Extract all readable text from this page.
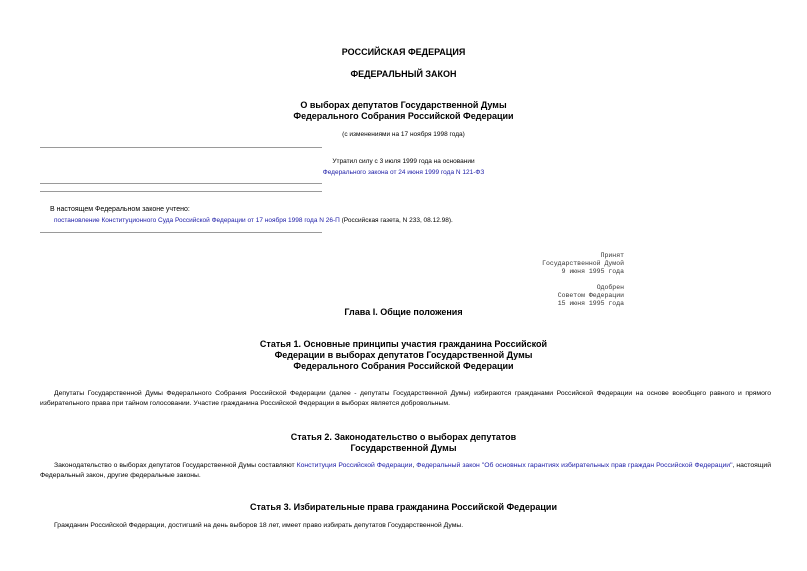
РОССИЙСКАЯ ФЕДЕРАЦИЯ
ФЕДЕРАЛЬНЫЙ ЗАКОН
О выборах депутатов Государственной Думы
Федерального Собрания Российской Федерации
(с изменениями на 17 ноября 1998 года)
Утратил силу с 3 июля 1999 года на основании
Федерального закона от 24 июня 1999 года N 121-ФЗ
В настоящем Федеральном законе учтено:
постановление Конституционного Суда Российской Федерации от 17 ноября 1998 года N 26-П (Российская газета, N 233, 08.12.98).
Принят
Государственной Думой
9 июня 1995 года
Одобрен
Советом Федерации
15 июня 1995 года
Глава I. Общие положения
Статья 1. Основные принципы участия гражданина Российской
Федерации в выборах депутатов Государственной Думы
Федерального Собрания Российской Федерации
Депутаты Государственной Думы Федерального Собрания Российской Федерации (далее - депутаты Государственной Думы) избираются гражданами Российской Федерации на основе всеобщего равного и прямого избирательного права при тайном голосовании. Участие гражданина Российской Федерации в выборах является добровольным.
Статья 2. Законодательство о выборах депутатов
Государственной Думы
Законодательство о выборах депутатов Государственной Думы составляют Конституция Российской Федерации, Федеральный закон "Об основных гарантиях избирательных прав граждан Российской Федерации", настоящий Федеральный закон, другие федеральные законы.
Статья 3. Избирательные права гражданина Российской Федерации
Гражданин Российской Федерации, достигший на день выборов 18 лет, имеет право избирать депутатов Государственной Думы.
